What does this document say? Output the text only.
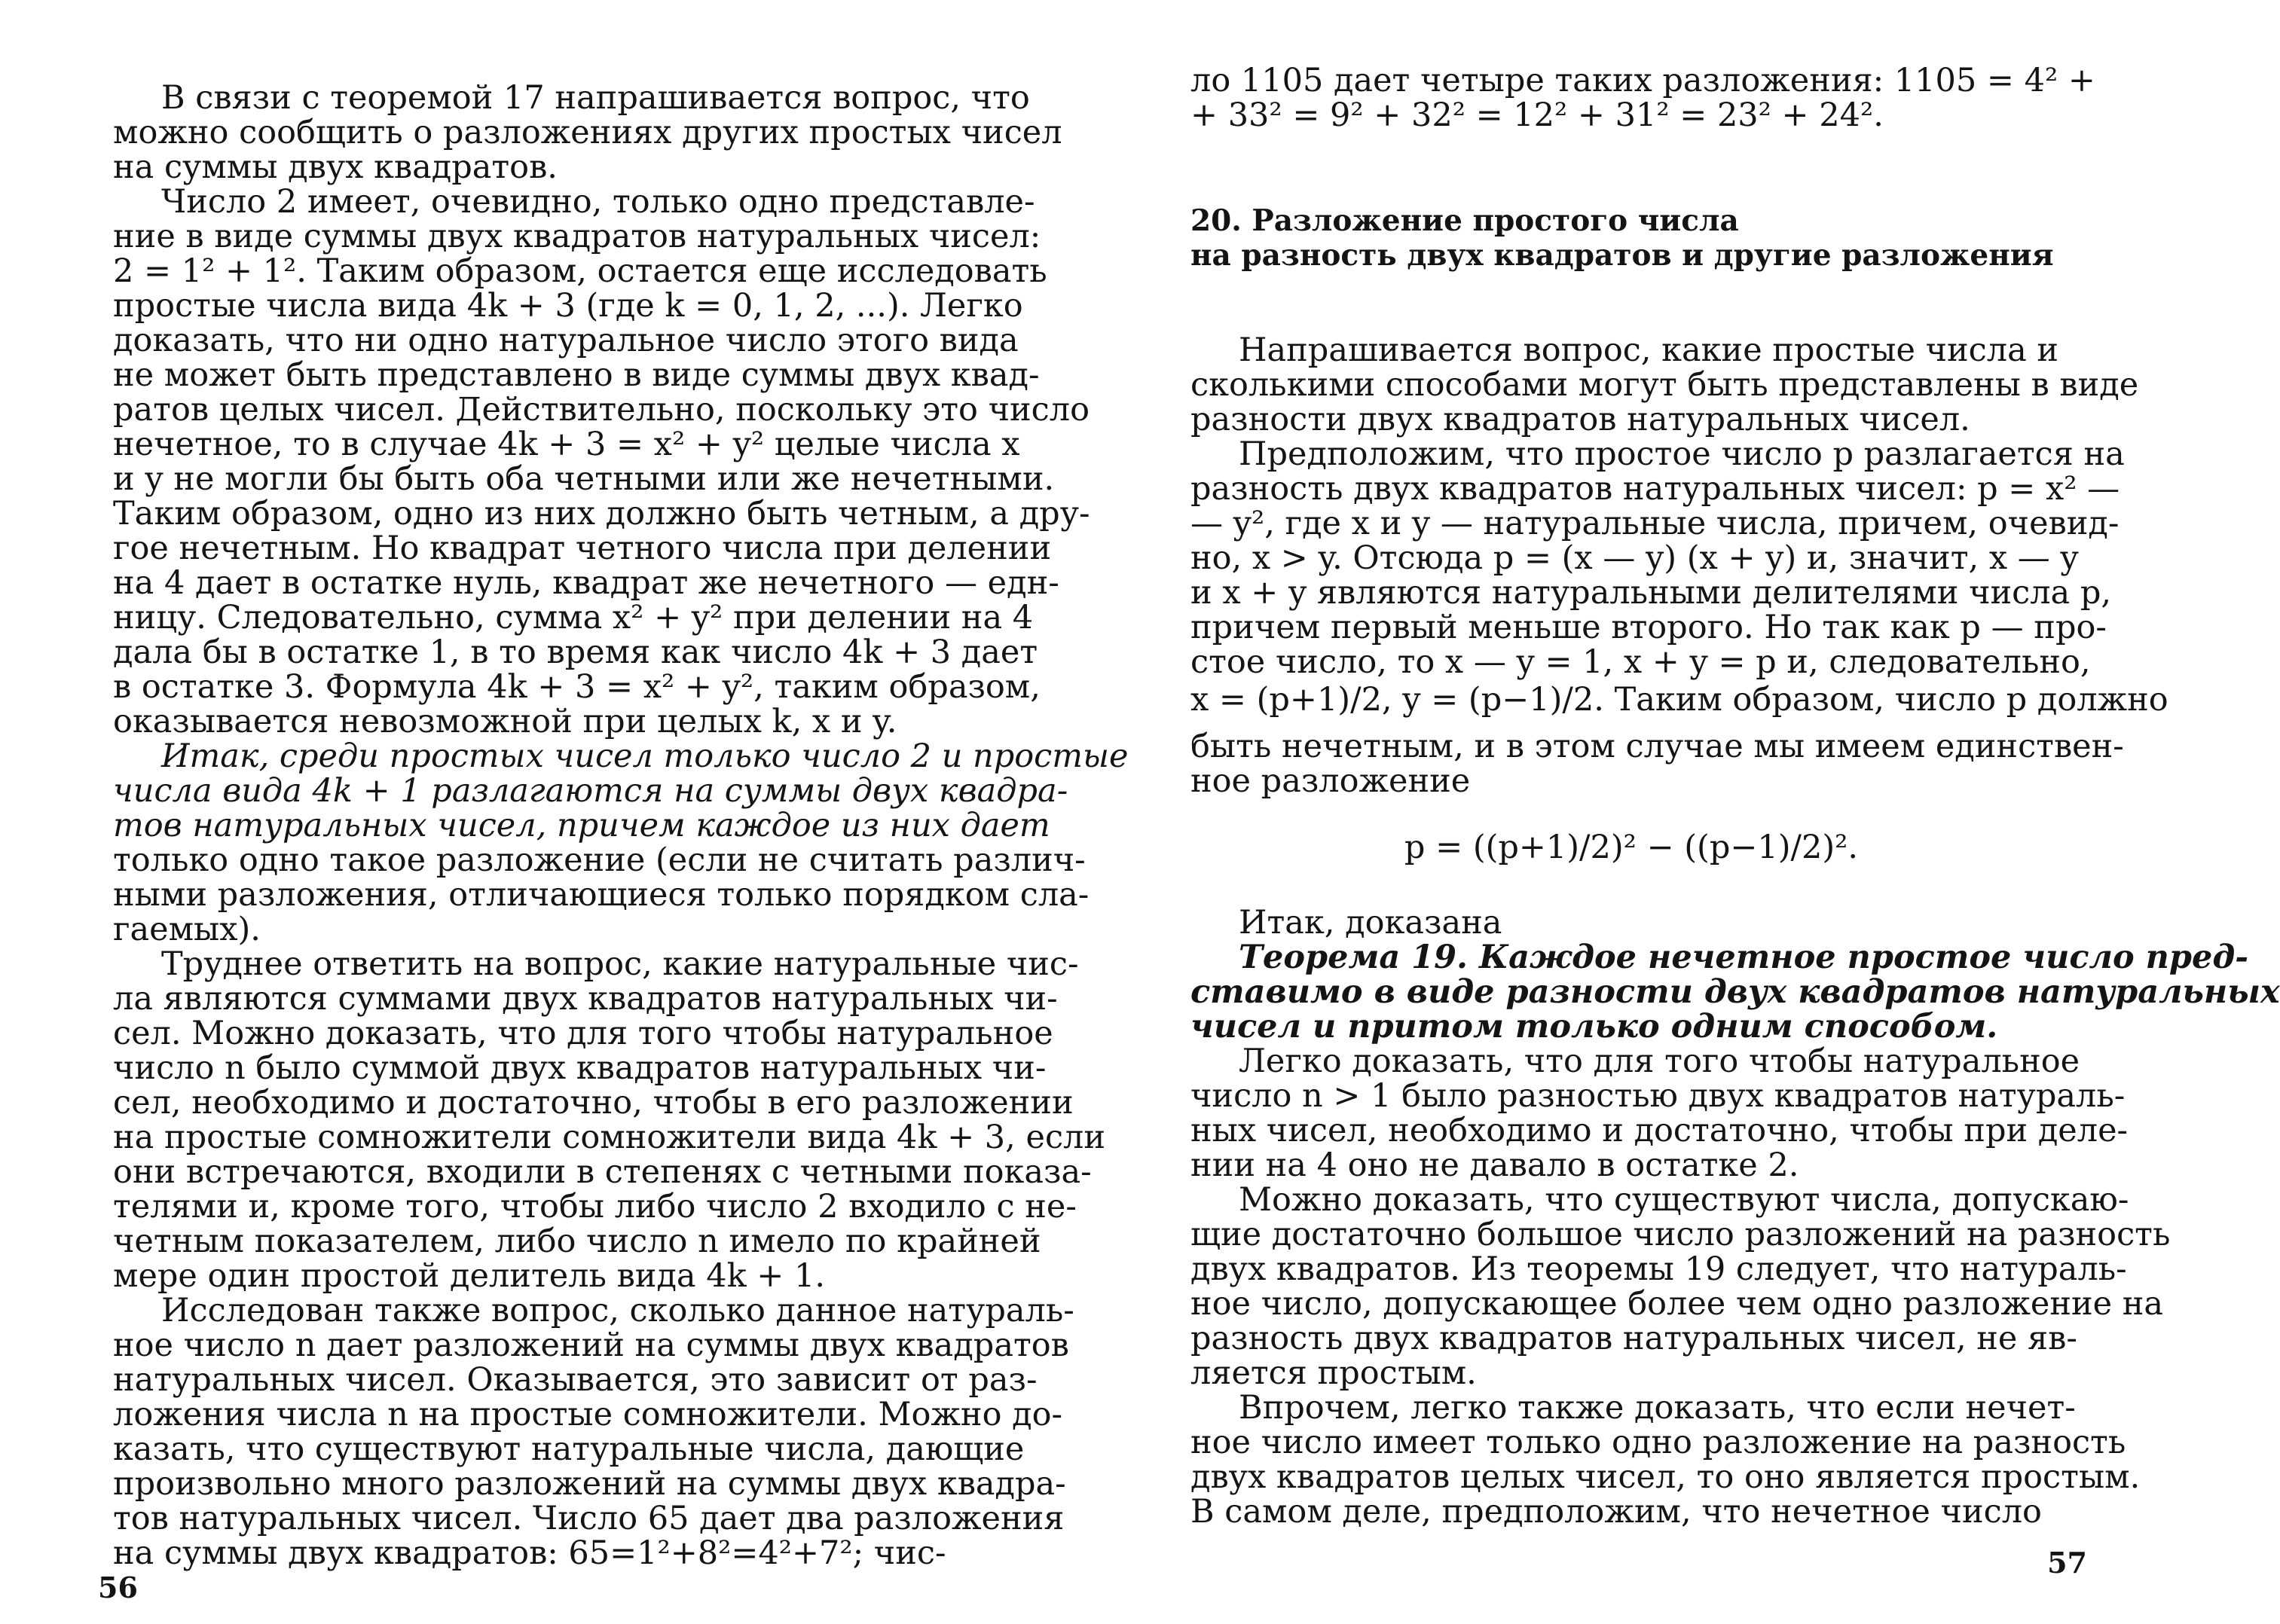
В связи с теоремой 17 напрашивается вопрос, что
можно сообщить о разложениях других простых чисел
на суммы двух квадратов.
Число 2 имеет, очевидно, только одно представле-
ние в виде суммы двух квадратов натуральных чисел:
2 = 1² + 1². Таким образом, остается еще исследовать
простые числа вида 4k + 3 (где k = 0, 1, 2, ...). Легко
доказать, что ни одно натуральное число этого вида
не может быть представлено в виде суммы двух квад-
ратов целых чисел. Действительно, поскольку это число
нечетное, то в случае 4k + 3 = x² + y² целые числа x
и y не могли бы быть оба четными или же нечетными.
Таким образом, одно из них должно быть четным, а дру-
гое нечетным. Но квадрат четного числа при делении
на 4 дает в остатке нуль, квадрат же нечетного — едн-
ницу. Следовательно, сумма x² + y² при делении на 4
дала бы в остатке 1, в то время как число 4k + 3 дает
в остатке 3. Формула 4k + 3 = x² + y², таким образом,
оказывается невозможной при целых k, x и y.
Итак, среди простых чисел только число 2 и простые
числа вида 4k + 1 разлагаются на суммы двух квадра-
тов натуральных чисел, причем каждое из них дает
только одно такое разложение (если не считать различ-
ными разложения, отличающиеся только порядком сла-
гаемых).
Труднее ответить на вопрос, какие натуральные чис-
ла являются суммами двух квадратов натуральных чи-
сел. Можно доказать, что для того чтобы натуральное
число n было суммой двух квадратов натуральных чи-
сел, необходимо и достаточно, чтобы в его разложении
на простые сомножители сомножители вида 4k + 3, если
они встречаются, входили в степенях с четными показа-
телями и, кроме того, чтобы либо число 2 входило с не-
четным показателем, либо число n имело по крайней
мере один простой делитель вида 4k + 1.
Исследован также вопрос, сколько данное натураль-
ное число n дает разложений на суммы двух квадратов
натуральных чисел. Оказывается, это зависит от раз-
ложения числа n на простые сомножители. Можно до-
казать, что существуют натуральные числа, дающие
произвольно много разложений на суммы двух квадра-
тов натуральных чисел. Число 65 дает два разложения
на суммы двух квадратов: 65=1²+8²=4²+7²; чис-
56
ло 1105 дает четыре таких разложения: 1105 = 4² +
+ 33² = 9² + 32² = 12² + 31² = 23² + 24².
20. Разложение простого числа
на разность двух квадратов и другие разложения
Напрашивается вопрос, какие простые числа и
сколькими способами могут быть представлены в виде
разности двух квадратов натуральных чисел.
Предположим, что простое число p разлагается на
разность двух квадратов натуральных чисел: p = x² —
— y², где x и y — натуральные числа, причем, очевид-
но, x > y. Отсюда p = (x — y) (x + y) и, значит, x — y
и x + y являются натуральными делителями числа p,
причем первый меньше второго. Но так как p — про-
стое число, то x — y = 1, x + y = p и, следовательно,
x = (p+1)/2, y = (p−1)/2. Таким образом, число p должно
быть нечетным, и в этом случае мы имеем единствен-
ное разложение
p = ((p+1)/2)² − ((p−1)/2)².
Итак, доказана
Теорема 19. Каждое нечетное простое число пред-
ставимо в виде разности двух квадратов натуральных
чисел и притом только одним способом.
Легко доказать, что для того чтобы натуральное
число n > 1 было разностью двух квадратов натураль-
ных чисел, необходимо и достаточно, чтобы при деле-
нии на 4 оно не давало в остатке 2.
Можно доказать, что существуют числа, допускаю-
щие достаточно большое число разложений на разность
двух квадратов. Из теоремы 19 следует, что натураль-
ное число, допускающее более чем одно разложение на
разность двух квадратов натуральных чисел, не яв-
ляется простым.
Впрочем, легко также доказать, что если нечет-
ное число имеет только одно разложение на разность
двух квадратов целых чисел, то оно является простым.
В самом деле, предположим, что нечетное число
57
